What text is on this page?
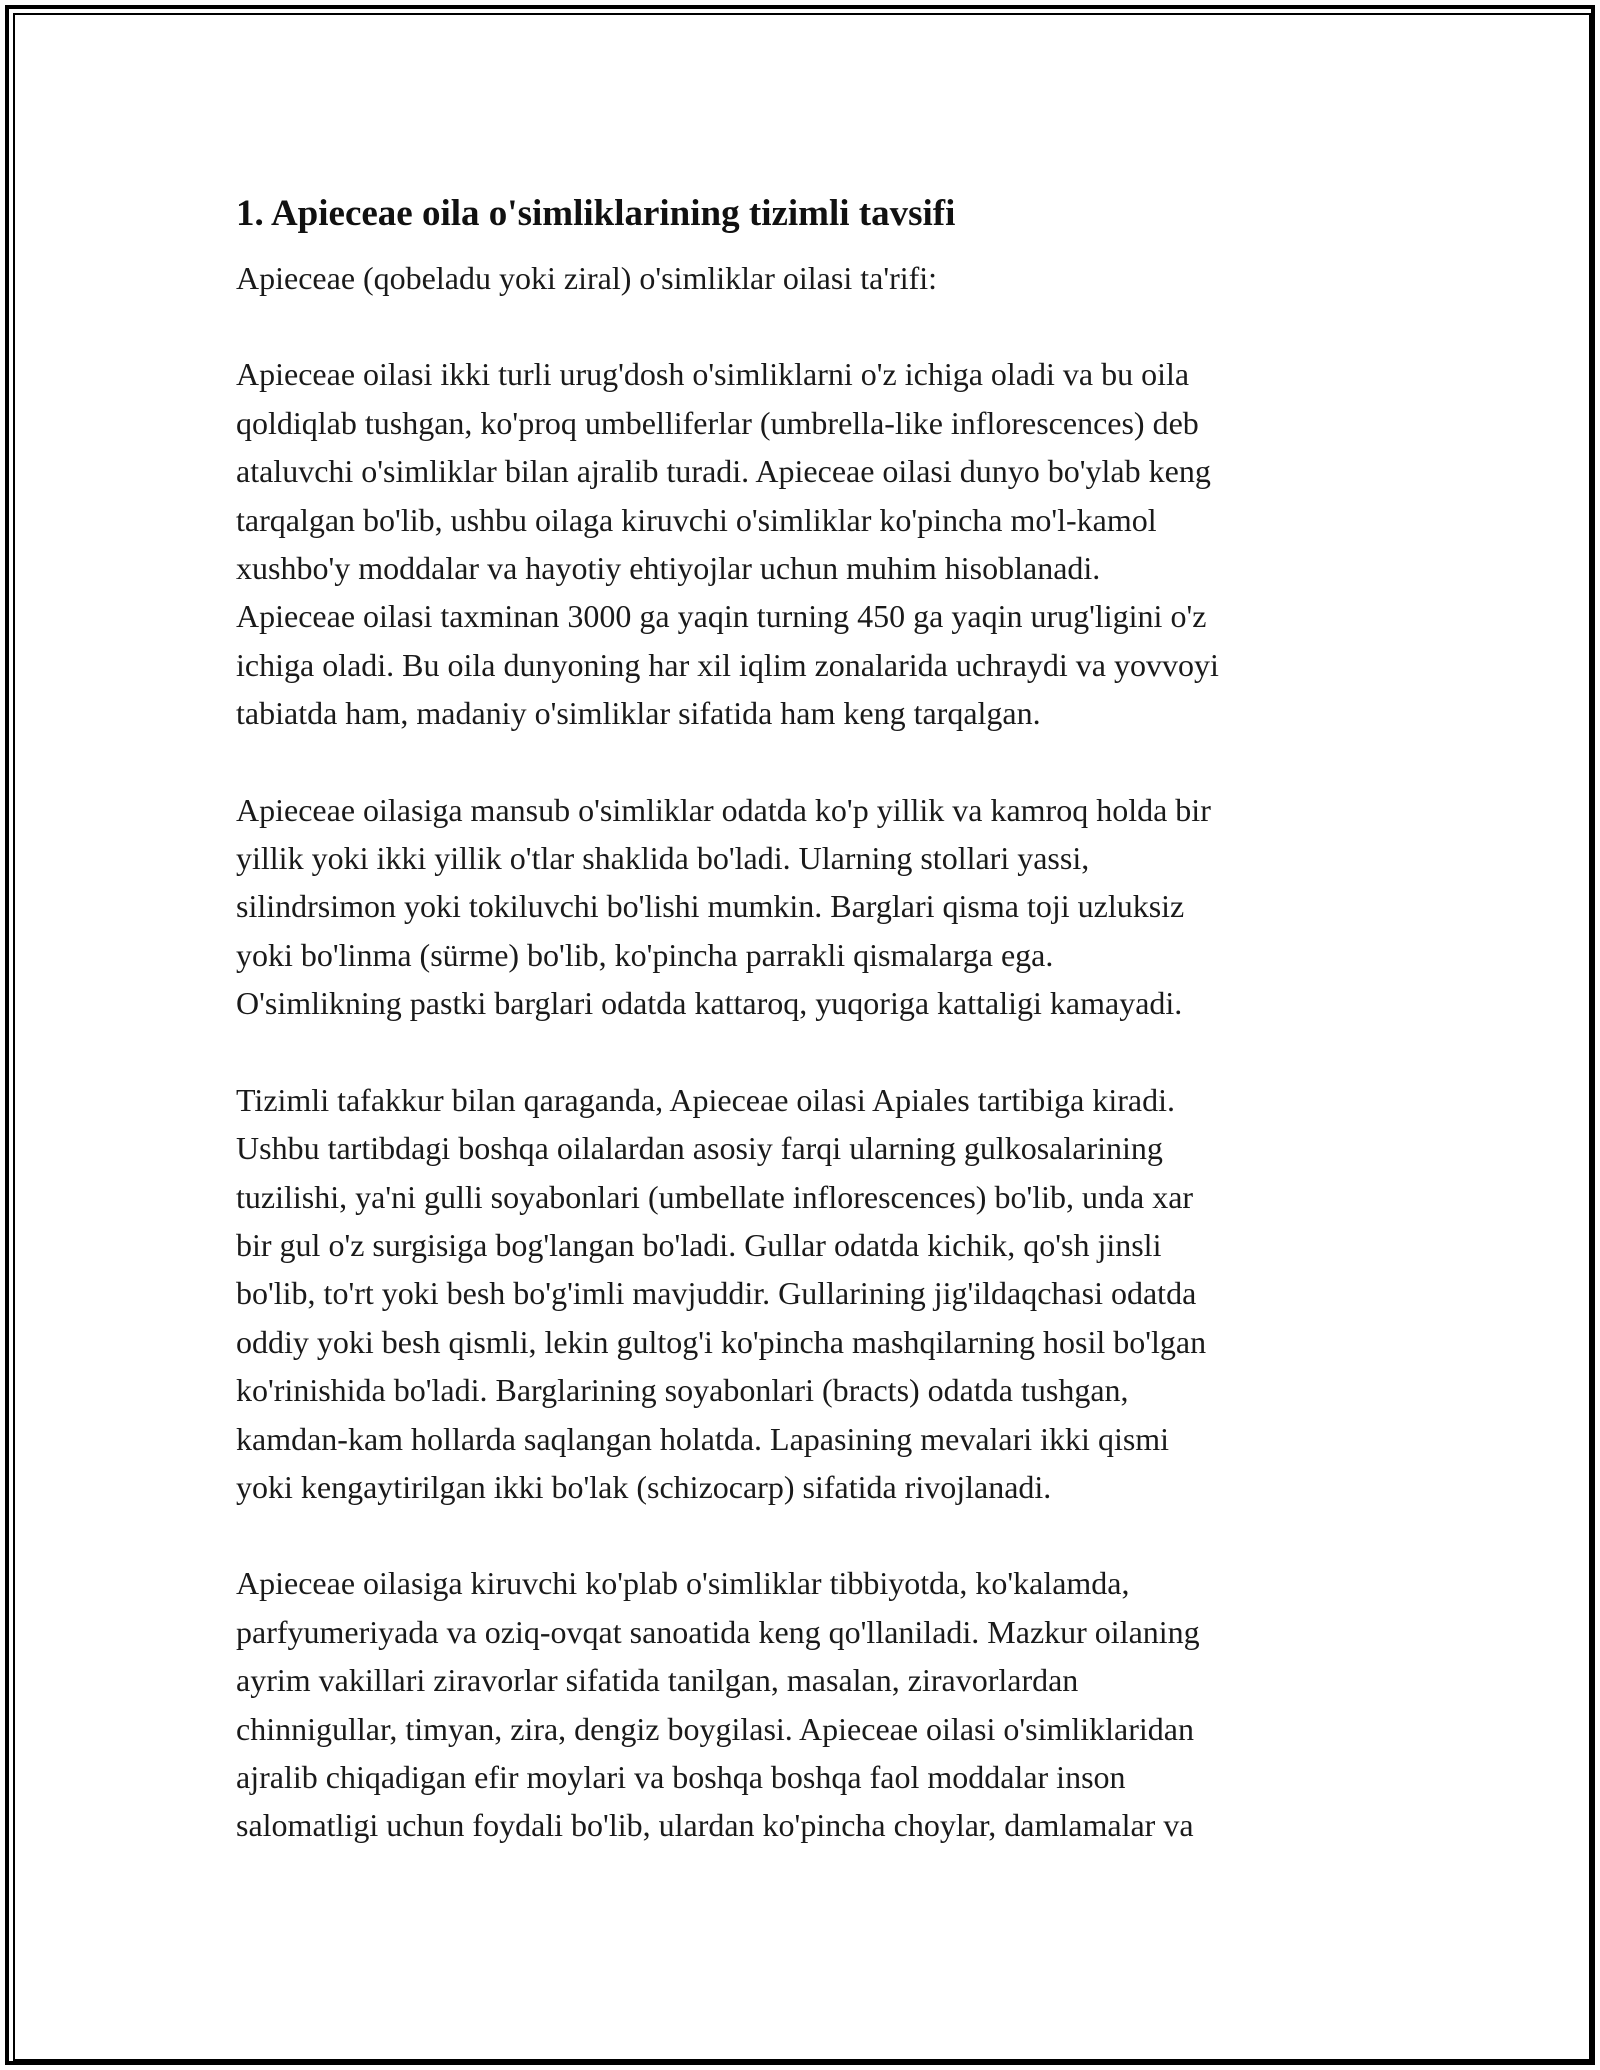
1. Apieceae oila o'simliklarining tizimli tavsifi

Apieceae (qobeladu yoki ziral) o'simliklar oilasi ta'rifi:

Apieceae oilasi ikki turli urug'dosh o'simliklarni o'z ichiga oladi va bu oila
qoldiqlab tushgan, ko'proq umbelliferlar (umbrella-like inflorescences) deb
ataluvchi o'simliklar bilan ajralib turadi. Apieceae oilasi dunyo bo'ylab keng
tarqalgan bo'lib, ushbu oilaga kiruvchi o'simliklar ko'pincha mo'l-kamol
xushbo'y moddalar va hayotiy ehtiyojlar uchun muhim hisoblanadi.
Apieceae oilasi taxminan 3000 ga yaqin turning 450 ga yaqin urug'ligini o'z
ichiga oladi. Bu oila dunyoning har xil iqlim zonalarida uchraydi va yovvoyi
tabiatda ham, madaniy o'simliklar sifatida ham keng tarqalgan.

Apieceae oilasiga mansub o'simliklar odatda ko'p yillik va kamroq holda bir
yillik yoki ikki yillik o'tlar shaklida bo'ladi. Ularning stollari yassi,
silindrsimon yoki tokiluvchi bo'lishi mumkin. Barglari qisma toji uzluksiz
yoki bo'linma (sürme) bo'lib, ko'pincha parrakli qismalarga ega.
O'simlikning pastki barglari odatda kattaroq, yuqoriga kattaligi kamayadi.

Tizimli tafakkur bilan qaraganda, Apieceae oilasi Apiales tartibiga kiradi.
Ushbu tartibdagi boshqa oilalardan asosiy farqi ularning gulkosalarining
tuzilishi, ya'ni gulli soyabonlari (umbellate inflorescences) bo'lib, unda xar
bir gul o'z surgisiga bog'langan bo'ladi. Gullar odatda kichik, qo'sh jinsli
bo'lib, to'rt yoki besh bo'g'imli mavjuddir. Gullarining jig'ildaqchasi odatda
oddiy yoki besh qismli, lekin gultog'i ko'pincha mashqilarning hosil bo'lgan
ko'rinishida bo'ladi. Barglarining soyabonlari (bracts) odatda tushgan,
kamdan-kam hollarda saqlangan holatda. Lapasining mevalari ikki qismi
yoki kengaytirilgan ikki bo'lak (schizocarp) sifatida rivojlanadi.

Apieceae oilasiga kiruvchi ko'plab o'simliklar tibbiyotda, ko'kalamda,
parfyumeriyada va oziq-ovqat sanoatida keng qo'llaniladi. Mazkur oilaning
ayrim vakillari ziravorlar sifatida tanilgan, masalan, ziravorlardan
chinnigullar, timyan, zira, dengiz boygilasi. Apieceae oilasi o'simliklaridan
ajralib chiqadigan efir moylari va boshqa boshqa faol moddalar inson
salomatligi uchun foydali bo'lib, ulardan ko'pincha choylar, damlamalar va
